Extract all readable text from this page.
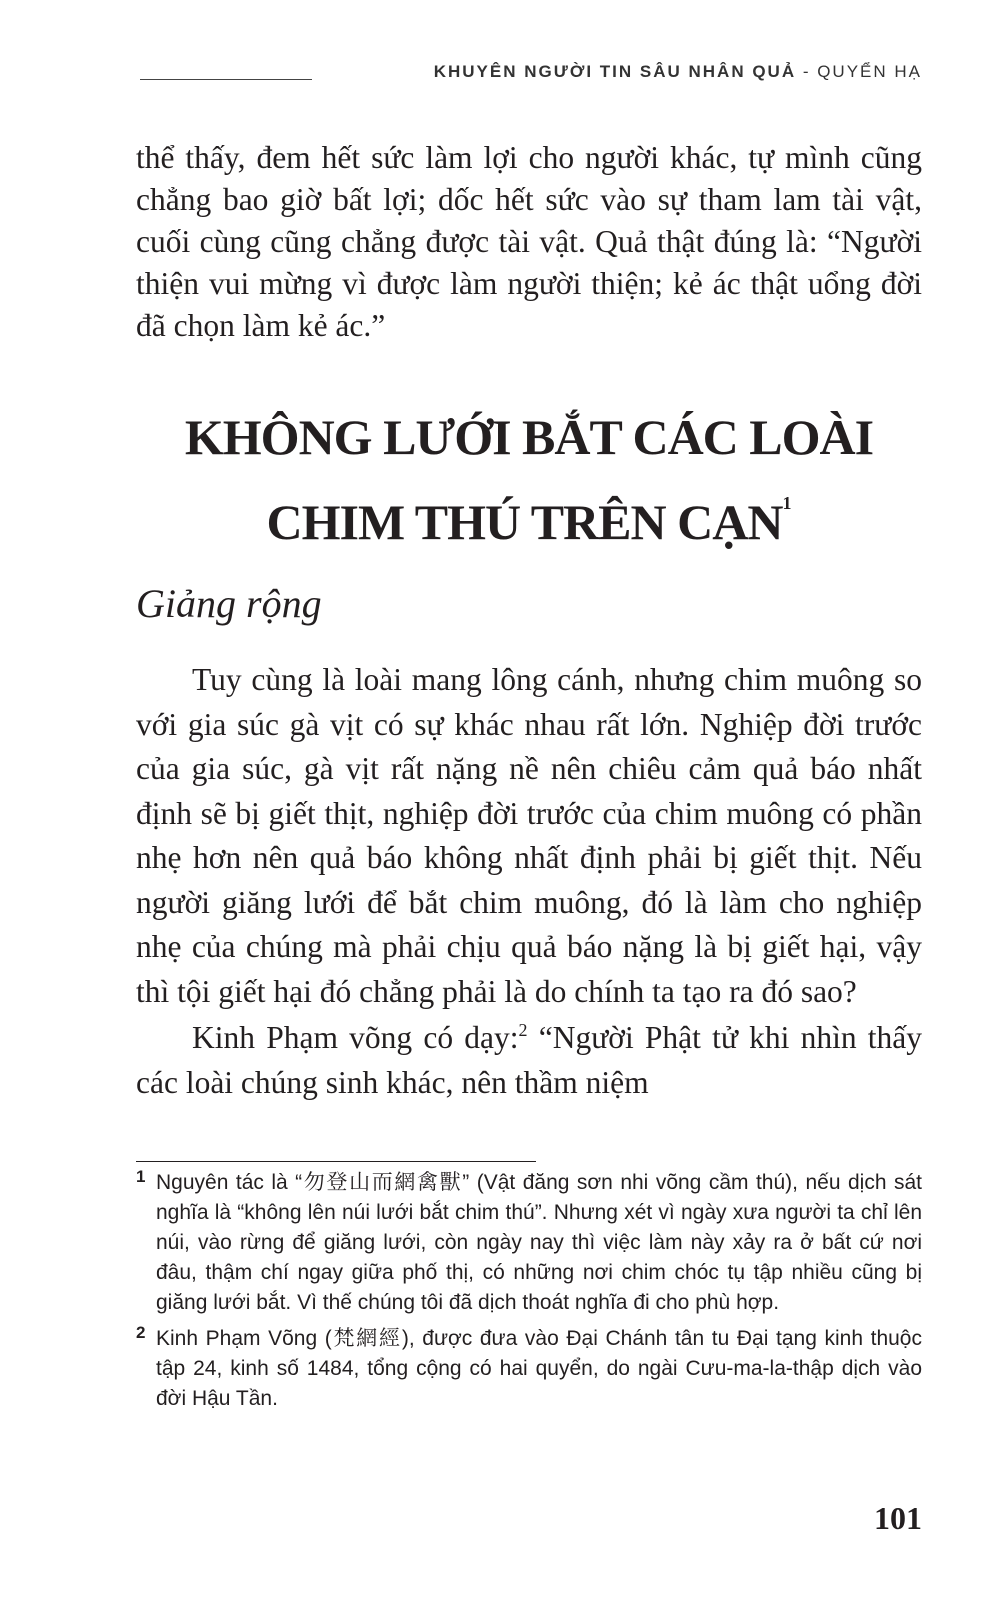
KHUYÊN NGƯỜI TIN SÂU NHÂN QUẢ - QUYỂN HẠ

thể thấy, đem hết sức làm lợi cho người khác, tự mình cũng chẳng bao giờ bất lợi; dốc hết sức vào sự tham lam tài vật, cuối cùng cũng chẳng được tài vật. Quả thật đúng là: “Người thiện vui mừng vì được làm người thiện; kẻ ác thật uổng đời đã chọn làm kẻ ác.”

KHÔNG LƯỚI BẮT CÁC LOÀI
CHIM THÚ TRÊN CẠN$^1$
Giảng rộng

Tuy cùng là loài mang lông cánh, nhưng chim muông so với gia súc gà vịt có sự khác nhau rất lớn. Nghiệp đời trước của gia súc, gà vịt rất nặng nề nên chiêu cảm quả báo nhất định sẽ bị giết thịt, nghiệp đời trước của chim muông có phần nhẹ hơn nên quả báo không nhất định phải bị giết thịt. Nếu người giăng lưới để bắt chim muông, đó là làm cho nghiệp nhẹ của chúng mà phải chịu quả báo nặng là bị giết hại, vậy thì tội giết hại đó chẳng phải là do chính ta tạo ra đó sao?

Kinh Phạm võng có dạy:$^2$ “Người Phật tử khi nhìn thấy các loài chúng sinh khác, nên thầm niệm

1 Nguyên tác là “勿登山而網禽獸” (Vật đăng sơn nhi võng cầm thú), nếu dịch sát nghĩa là “không lên núi lưới bắt chim thú”. Nhưng xét vì ngày xưa người ta chỉ lên núi, vào rừng để giăng lưới, còn ngày nay thì việc làm này xảy ra ở bất cứ nơi đâu, thậm chí ngay giữa phố thị, có những nơi chim chóc tụ tập nhiều cũng bị giăng lưới bắt. Vì thế chúng tôi đã dịch thoát nghĩa đi cho phù hợp.

2 Kinh Phạm Võng (梵網經), được đưa vào Đại Chánh tân tu Đại tạng kinh thuộc tập 24, kinh số 1484, tổng cộng có hai quyển, do ngài Cưu-ma-la-thập dịch vào đời Hậu Tần.

101
